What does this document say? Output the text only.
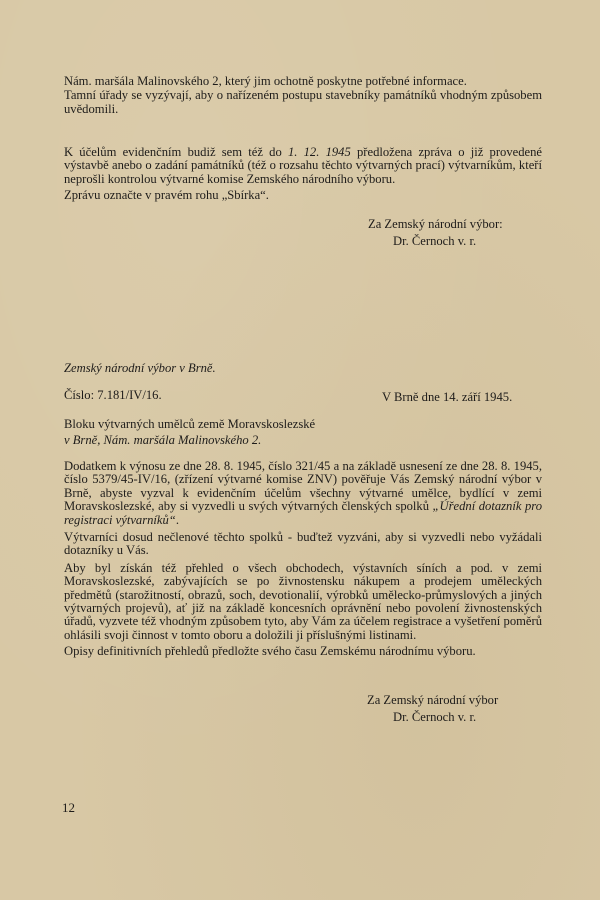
Nám. maršála Malinovského 2, který jim ochotně poskytne potřebné informace.

Tamní úřady se vyzývají, aby o nařízeném postupu stavebníky památníků vhodným způsobem uvědomili.

K účelům evidenčním budiž sem též do 1. 12. 1945 předložena zpráva o již provedené výstavbě anebo o zadání památníků (též o rozsahu těchto výtvarných prací) výtvarníkům, kteří neprošli kontrolou výtvarné komise Zemského národního výboru.

Zprávu označte v pravém rohu „Sbírka“.

Za Zemský národní výbor:
Dr. Černoch v. r.
Zemský národní výbor v Brně.
Číslo: 7.181/IV/16.	V Brně dne 14. září 1945.
Bloku výtvarných umělců země Moravskoslezské
v Brně, Nám. maršála Malinovského 2.

Dodatkem k výnosu ze dne 28. 8. 1945, číslo 321/45 a na základě usnesení ze dne 28. 8. 1945, číslo 5379/45-IV/16, (zřízení výtvarné komise ZNV) pověřuje Vás Zemský národní výbor v Brně, abyste vyzval k evidenčním účelům všechny výtvarné umělce, bydlící v zemi Moravskoslezské, aby si vyzvedli u svých výtvarných členských spolků „Úřední dotazník pro registraci výtvarníků“.

Výtvarníci dosud nečlenové těchto spolků - buďtež vyzváni, aby si vyzvedli nebo vyžádali dotazníky u Vás.

Aby byl získán též přehled o všech obchodech, výstavních síních a pod. v zemi Moravskoslezské, zabývajících se po živnostensku nákupem a prodejem uměleckých předmětů (starožitností, obrazů, soch, devotionalií, výrobků umělecko-průmyslových a jiných výtvarných projevů), ať již na základě koncesních oprávnění nebo povolení živnostenských úřadů, vyzvete též vhodným způsobem tyto, aby Vám za účelem registrace a vyšetření poměrů ohlásili svoji činnost v tomto oboru a doložili ji příslušnými listinami.

Opisy definitivních přehledů předložte svého času Zemskému národnímu výboru.

Za Zemský národní výbor
Dr. Černoch v. r.
12
